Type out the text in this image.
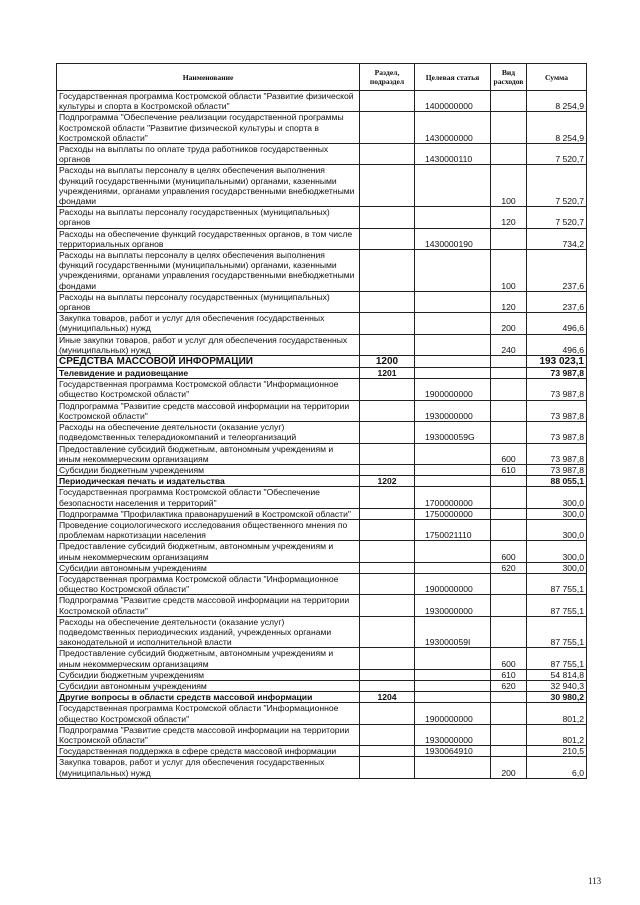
Наименование	Раздел, подраздел	Целевая статья	Вид расходов	Сумма
Государственная программа Костромской области "Развитие физической культуры и спорта в Костромской области"		1400000000		8 254,9
Подпрограмма "Обеспечение реализации государственной программы Костромской области "Развитие физической культуры и спорта в Костромской области"		1430000000		8 254,9
Расходы на выплаты по оплате труда работников государственных органов		1430000110		7 520,7
Расходы на выплаты персоналу в целях обеспечения выполнения функций государственными (муниципальными) органами, казенными учреждениями, органами управления государственными внебюджетными фондами			100	7 520,7
Расходы на выплаты персоналу государственных (муниципальных) органов			120	7 520,7
Расходы на обеспечение функций государственных органов, в том числе территориальных органов		1430000190		734,2
Расходы на выплаты персоналу в целях обеспечения выполнения функций государственными (муниципальными) органами, казенными учреждениями, органами управления государственными внебюджетными фондами			100	237,6
Расходы на выплаты персоналу государственных (муниципальных) органов			120	237,6
Закупка товаров, работ и услуг для обеспечения государственных (муниципальных) нужд			200	496,6
Иные закупки товаров, работ и услуг для обеспечения государственных (муниципальных) нужд			240	496,6
СРЕДСТВА МАССОВОЙ ИНФОРМАЦИИ	1200			193 023,1
Телевидение и радиовещание	1201			73 987,8
Государственная программа Костромской области "Информационное общество Костромской области"		1900000000		73 987,8
Подпрограмма "Развитие средств массовой информации на территории Костромской области"		1930000000		73 987,8
Расходы на обеспечение деятельности (оказание услуг) подведомственных телерадиокомпаний и телеорганизаций		193000059G		73 987,8
Предоставление субсидий бюджетным, автономным учреждениям и иным некоммерческим организациям			600	73 987,8
Субсидии бюджетным учреждениям			610	73 987,8
Периодическая печать и издательства	1202			88 055,1
Государственная программа Костромской области "Обеспечение безопасности населения и территорий"		1700000000		300,0
Подпрограмма "Профилактика правонарушений в Костромской области"		1750000000		300,0
Проведение социологического исследования общественного мнения по проблемам наркотизации населения		1750021110		300,0
Предоставление субсидий бюджетным, автономным учреждениям и иным некоммерческим организациям			600	300,0
Субсидии автономным учреждениям			620	300,0
Государственная программа Костромской области "Информационное общество Костромской области"		1900000000		87 755,1
Подпрограмма "Развитие средств массовой информации на территории Костромской области"		1930000000		87 755,1
Расходы на обеспечение деятельности (оказание услуг) подведомственных периодических изданий, учрежденных органами законодательной и исполнительной власти		193000059I		87 755,1
Предоставление субсидий бюджетным, автономным учреждениям и иным некоммерческим организациям			600	87 755,1
Субсидии бюджетным учреждениям			610	54 814,8
Субсидии автономным учреждениям			620	32 940,3
Другие вопросы в области средств массовой информации	1204			30 980,2
Государственная программа Костромской области "Информационное общество Костромской области"		1900000000		801,2
Подпрограмма "Развитие средств массовой информации на территории Костромской области"		1930000000		801,2
Государственная поддержка в сфере средств массовой информации		1930064910		210,5
Закупка товаров, работ и услуг для обеспечения государственных (муниципальных) нужд			200	6,0
113
